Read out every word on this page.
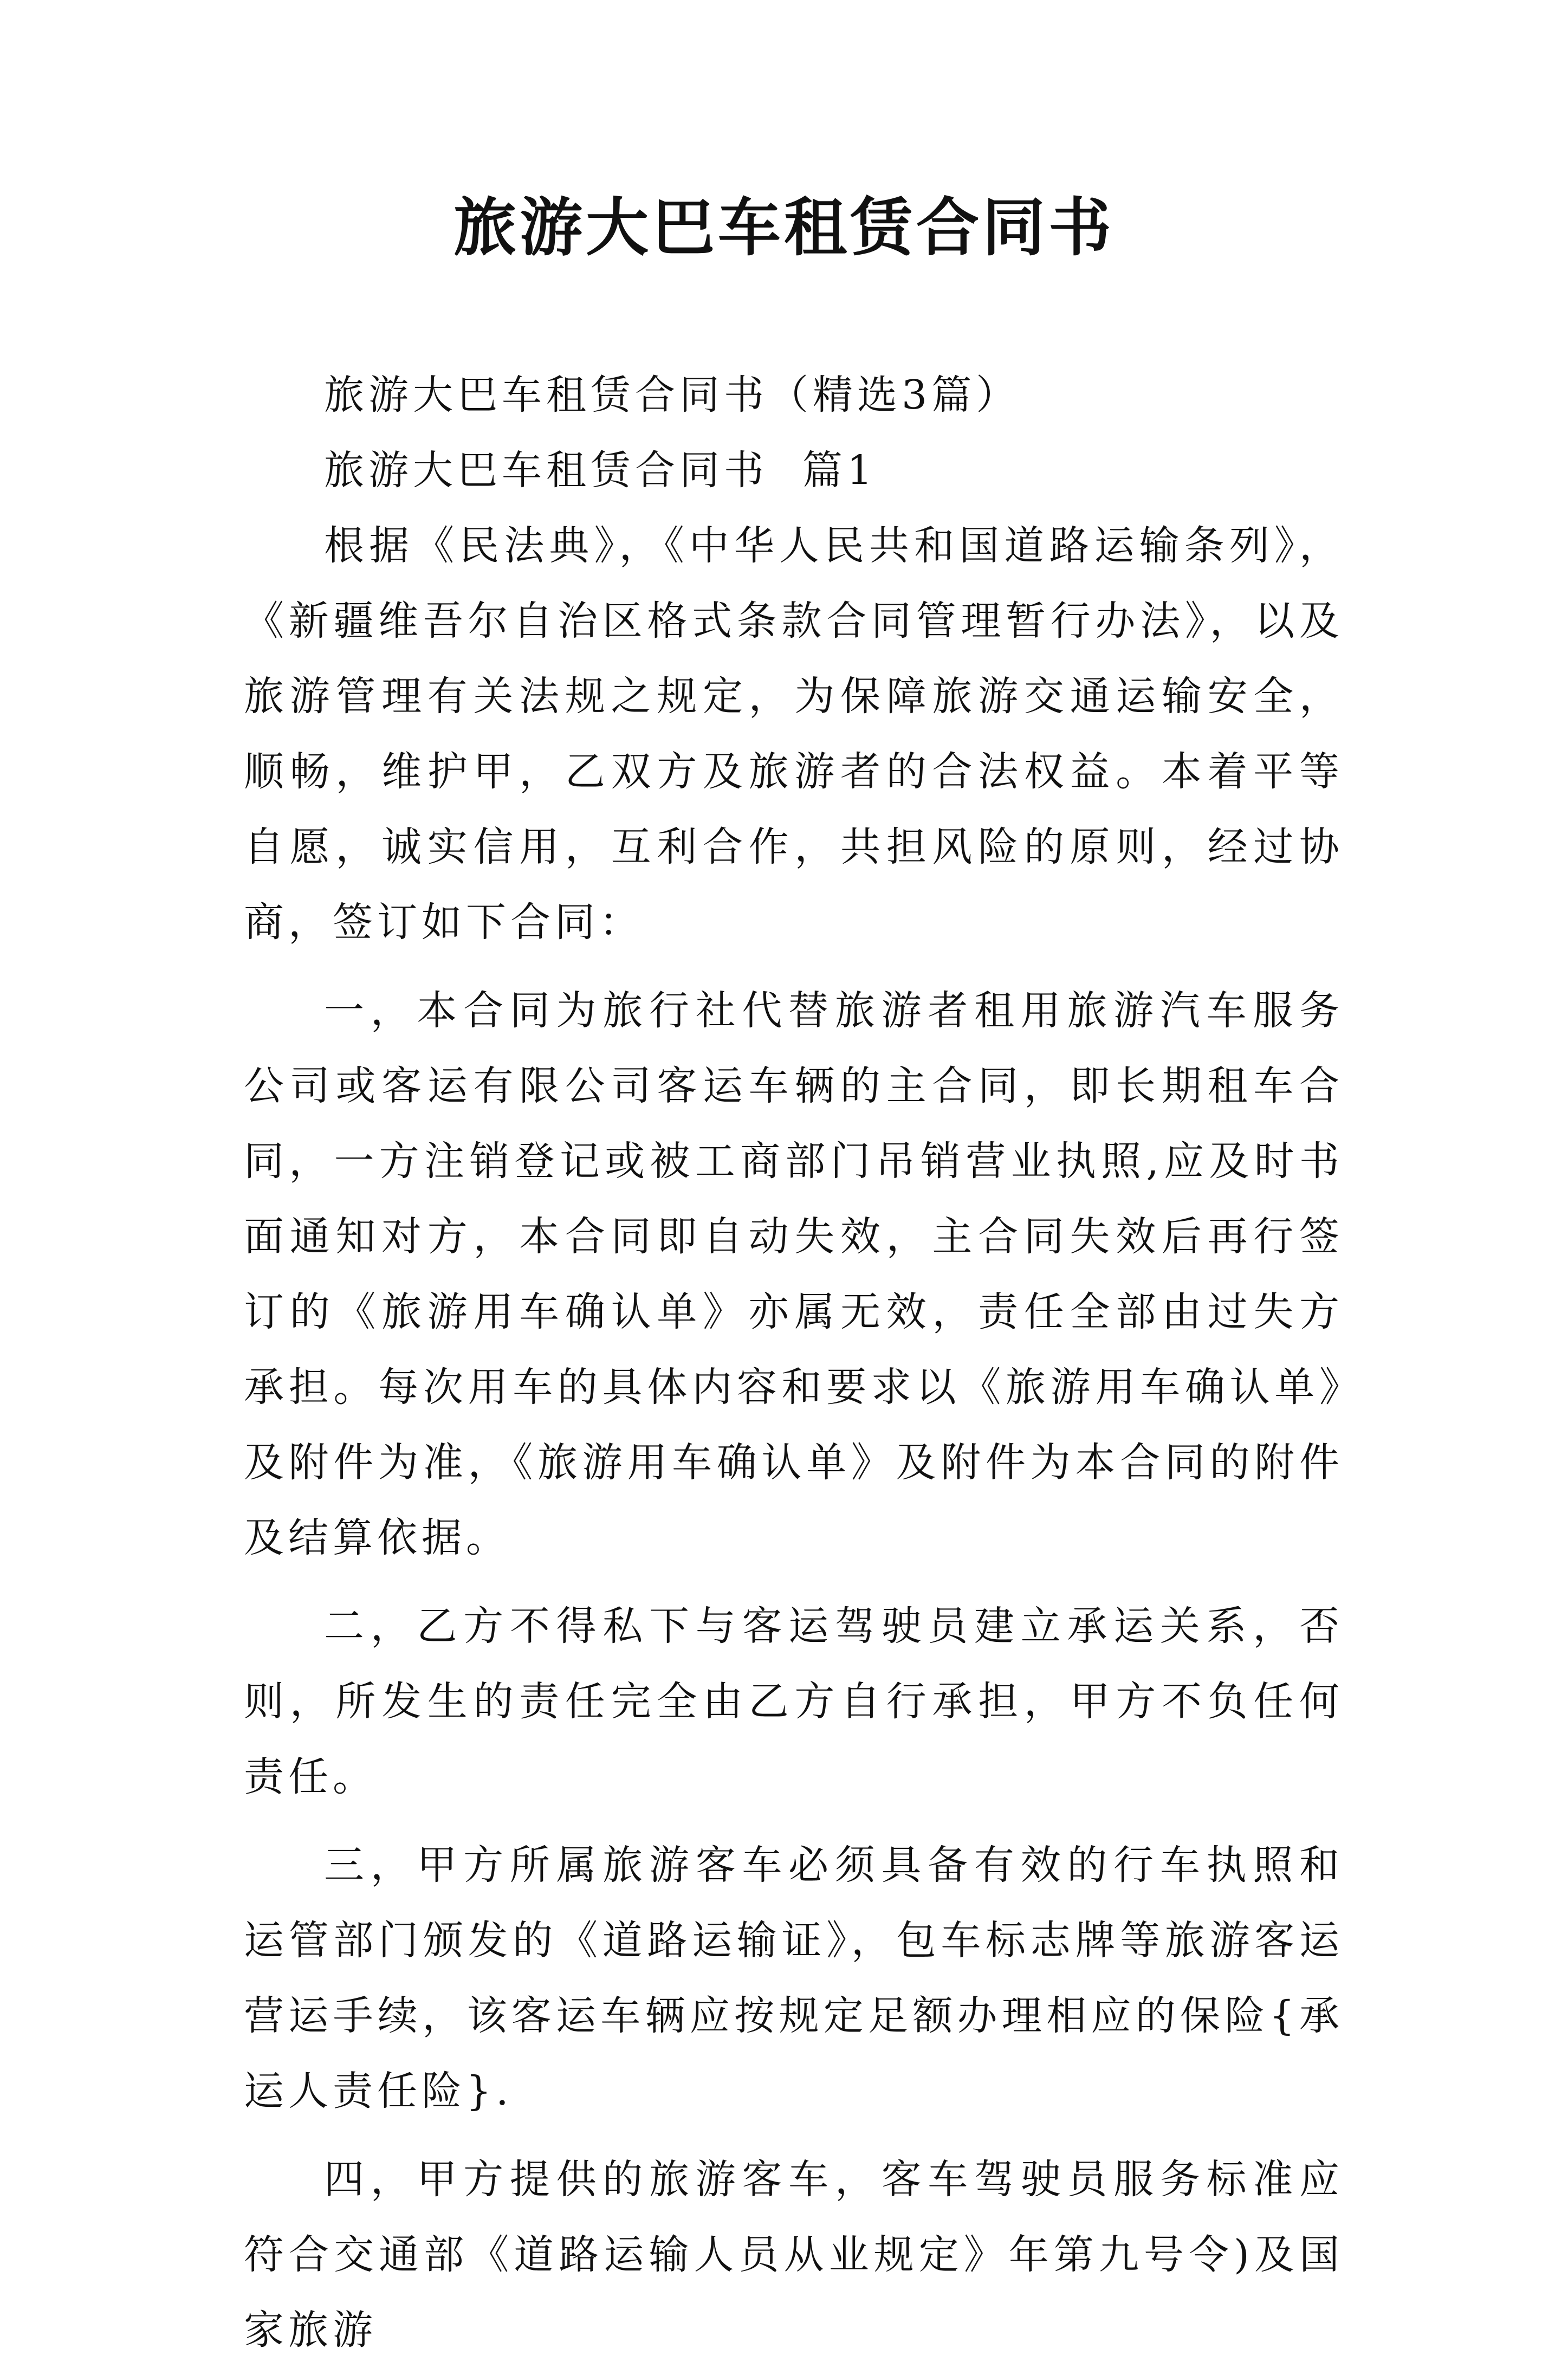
旅游大巴车租赁合同书

旅游大巴车租赁合同书（精选3篇）

旅游大巴车租赁合同书  篇1

根据《民法典》，《中华人民共和国道路运输条列》，《新疆维吾尔自治区格式条款合同管理暂行办法》，以及旅游管理有关法规之规定，为保障旅游交通运输安全，顺畅，维护甲，乙双方及旅游者的合法权益。本着平等自愿，诚实信用，互利合作，共担风险的原则，经过协商，签订如下合同：

一，本合同为旅行社代替旅游者租用旅游汽车服务公司或客运有限公司客运车辆的主合同，即长期租车合同，一方注销登记或被工商部门吊销营业执照,应及时书面通知对方，本合同即自动失效，主合同失效后再行签订的《旅游用车确认单》亦属无效，责任全部由过失方承担。每次用车的具体内容和要求以《旅游用车确认单》及附件为准，《旅游用车确认单》及附件为本合同的附件及结算依据。

二，乙方不得私下与客运驾驶员建立承运关系，否则，所发生的责任完全由乙方自行承担，甲方不负任何责任。

三，甲方所属旅游客车必须具备有效的行车执照和运管部门颁发的《道路运输证》，包车标志牌等旅游客运营运手续，该客运车辆应按规定足额办理相应的保险{承运人责任险}.

四，甲方提供的旅游客车，客车驾驶员服务标准应符合交通部《道路运输人员从业规定》年第九号令)及国家旅游
